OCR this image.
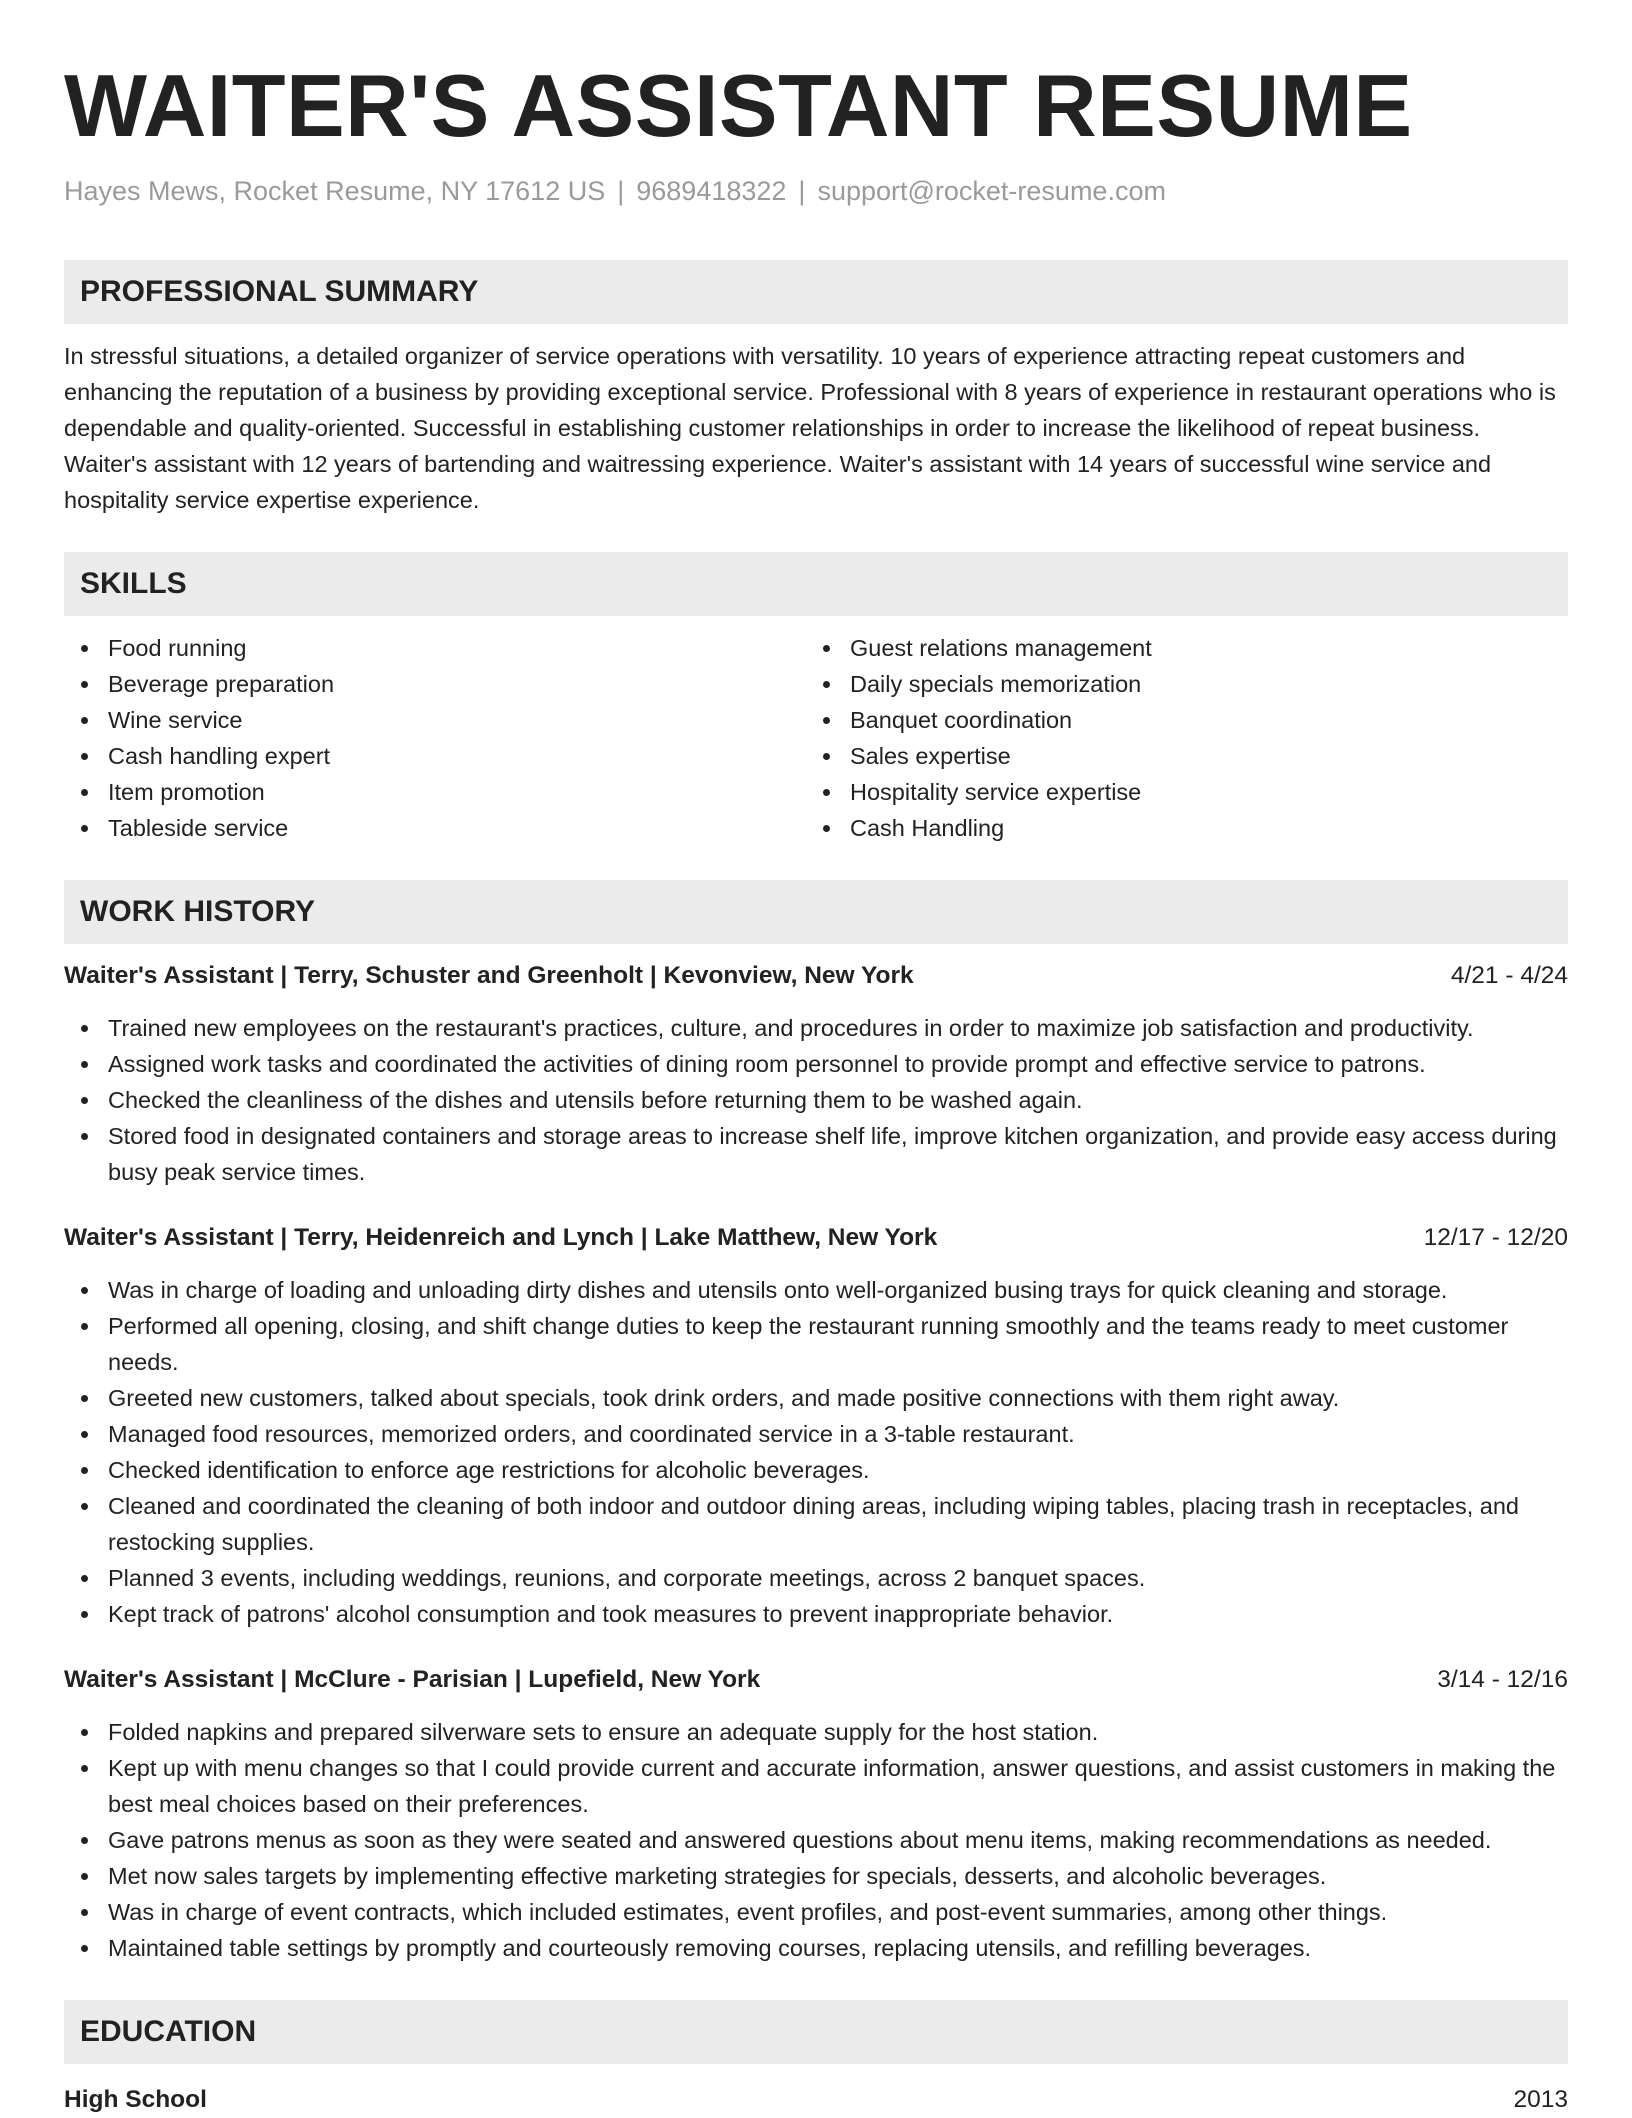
WAITER'S ASSISTANT RESUME
Hayes Mews, Rocket Resume, NY 17612 US | 9689418322 | support@rocket-resume.com
PROFESSIONAL SUMMARY

In stressful situations, a detailed organizer of service operations with versatility. 10 years of experience attracting repeat customers and enhancing the reputation of a business by providing exceptional service. Professional with 8 years of experience in restaurant operations who is dependable and quality-oriented. Successful in establishing customer relationships in order to increase the likelihood of repeat business. Waiter's assistant with 12 years of bartending and waitressing experience. Waiter's assistant with 14 years of successful wine service and hospitality service expertise experience.

SKILLS
Food running
Beverage preparation
Wine service
Cash handling expert
Item promotion
Tableside service
Guest relations management
Daily specials memorization
Banquet coordination
Sales expertise
Hospitality service expertise
Cash Handling
WORK HISTORY
Waiter's Assistant | Terry, Schuster and Greenholt | Kevonview, New York	4/21 - 4/24
Trained new employees on the restaurant's practices, culture, and procedures in order to maximize job satisfaction and productivity.
Assigned work tasks and coordinated the activities of dining room personnel to provide prompt and effective service to patrons.
Checked the cleanliness of the dishes and utensils before returning them to be washed again.
Stored food in designated containers and storage areas to increase shelf life, improve kitchen organization, and provide easy access during busy peak service times.
Waiter's Assistant | Terry, Heidenreich and Lynch | Lake Matthew, New York	12/17 - 12/20
Was in charge of loading and unloading dirty dishes and utensils onto well-organized busing trays for quick cleaning and storage.
Performed all opening, closing, and shift change duties to keep the restaurant running smoothly and the teams ready to meet customer needs.
Greeted new customers, talked about specials, took drink orders, and made positive connections with them right away.
Managed food resources, memorized orders, and coordinated service in a 3-table restaurant.
Checked identification to enforce age restrictions for alcoholic beverages.
Cleaned and coordinated the cleaning of both indoor and outdoor dining areas, including wiping tables, placing trash in receptacles, and restocking supplies.
Planned 3 events, including weddings, reunions, and corporate meetings, across 2 banquet spaces.
Kept track of patrons' alcohol consumption and took measures to prevent inappropriate behavior.
Waiter's Assistant | McClure - Parisian | Lupefield, New York	3/14 - 12/16
Folded napkins and prepared silverware sets to ensure an adequate supply for the host station.
Kept up with menu changes so that I could provide current and accurate information, answer questions, and assist customers in making the best meal choices based on their preferences.
Gave patrons menus as soon as they were seated and answered questions about menu items, making recommendations as needed.
Met now sales targets by implementing effective marketing strategies for specials, desserts, and alcoholic beverages.
Was in charge of event contracts, which included estimates, event profiles, and post-event summaries, among other things.
Maintained table settings by promptly and courteously removing courses, replacing utensils, and refilling beverages.
EDUCATION
High School	2013
